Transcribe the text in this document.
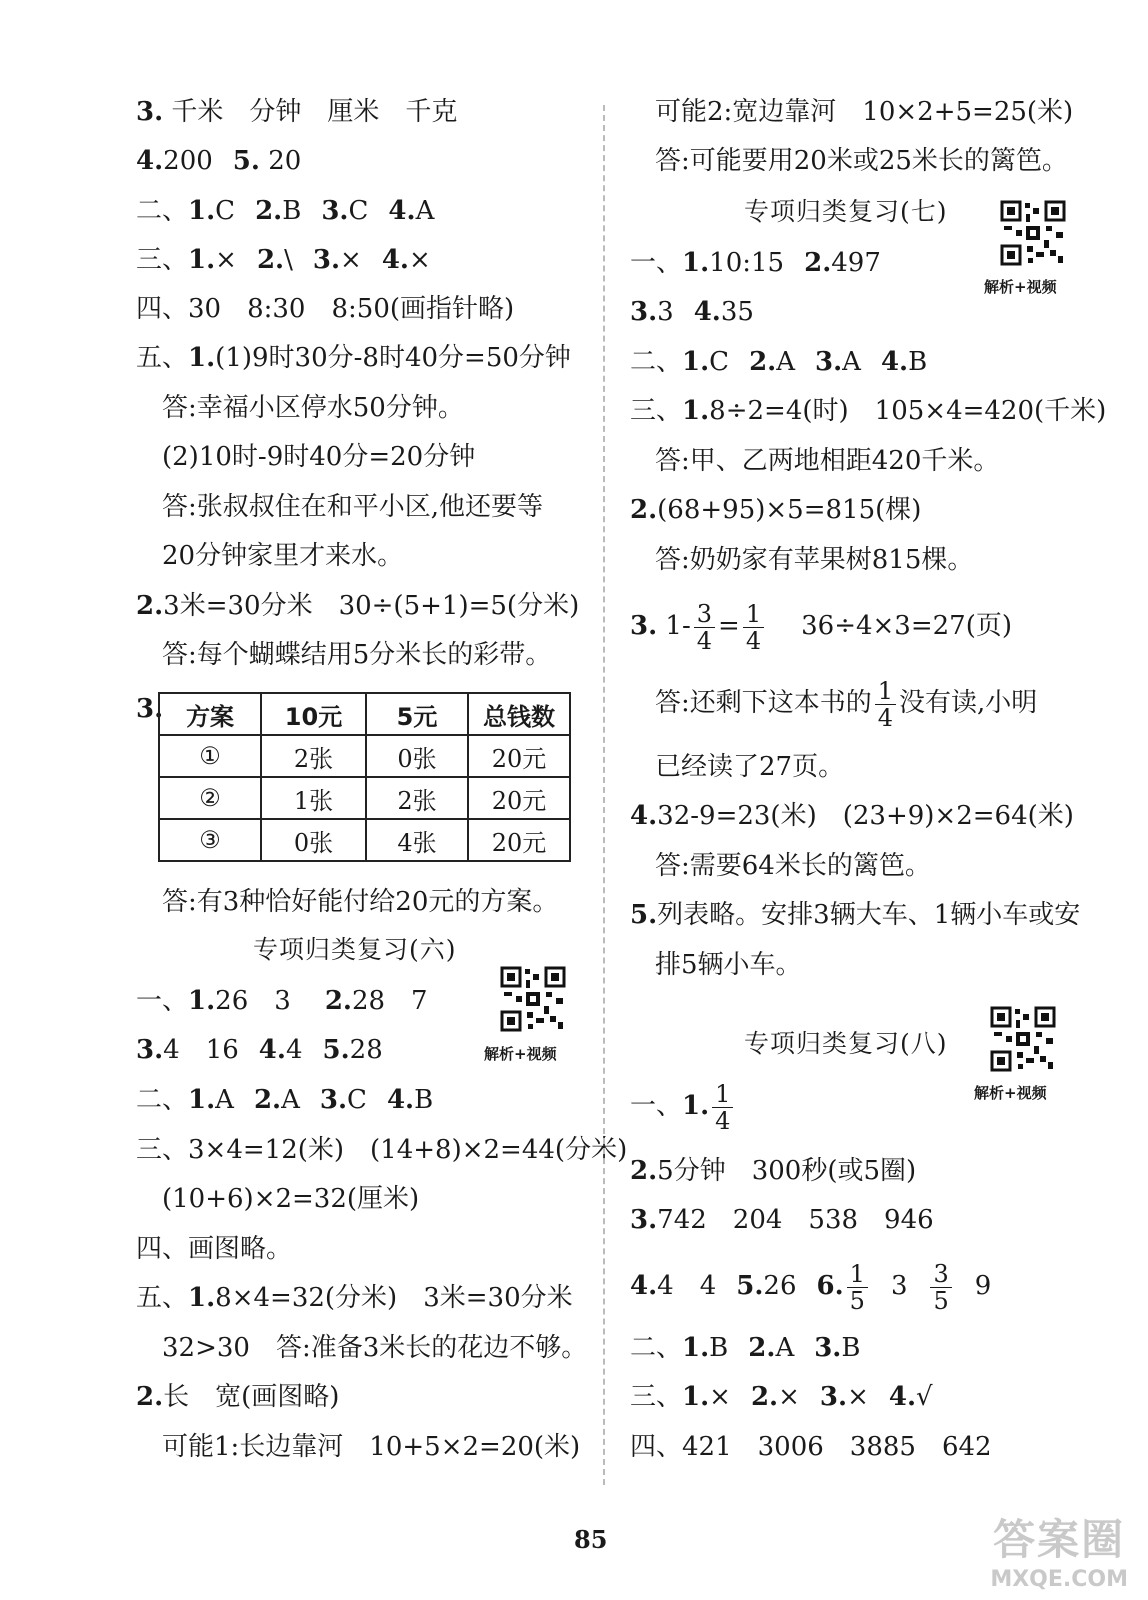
3. 千米　分钟　厘米　千克
4.200 5. 20
二、1.C 2.B 3.C 4.A
三、1.× 2.\ 3.× 4.×
四、30　8:30　8:50(画指针略)
五、1.(1)9时30分-8时40分=50分钟
答:幸福小区停水50分钟。
(2)10时-9时40分=20分钟
答:张叔叔住在和平小区,他还要等
20分钟家里才来水。
2.3米=30分米　30÷(5+1)=5(分米)
答:每个蝴蝶结用5分米长的彩带。
3. 方案	10元	5元	总钱数
①	2张	0张	20元
②	1张	2张	20元
③	0张	4张	20元
答:有3种恰好能付给20元的方案。
专项归类复习(六)
解析+视频
一、1.26　3 2.28　7
3.4　16 4.4 5.28
二、1.A 2.A 3.C 4.B
三、3×4=12(米)　(14+8)×2=44(分米)
(10+6)×2=32(厘米)
四、画图略。
五、1.8×4=32(分米)　3米=30分米
32>30　答:准备3米长的花边不够。
2.长　宽(画图略)
可能1:长边靠河　10+5×2=20(米)
可能2:宽边靠河　10×2+5=25(米)
答:可能要用20米或25米长的篱笆。
专项归类复习(七)
解析+视频
一、1.10:15 2.497
3.3 4.35
二、1.C 2.A 3.A 4.B
三、1.8÷2=4(时)　105×4=420(千米)
答:甲、乙两地相距420千米。
2.(68+95)×5=815(棵)
答:奶奶家有苹果树815棵。
3. $1- \frac{3}{4} = \frac{1}{4} 36\div 4\times 3=27$(页)
答:还剩下这本书的 $\frac{1}{4}$ 没有读,小明
已经读了27页。
4.32-9=23(米)　(23+9)×2=64(米)
答:需要64米长的篱笆。
5.列表略。安排3辆大车、1辆小车或安
排5辆小车。
专项归类复习(八)
解析+视频
一、1. $\frac{1}{4}$
2.5分钟　300秒(或5圈)
3.742　204　538　946
4.4　4 5.26 6. $\frac{1}{5} 3 \frac{3}{5} 9$
二、1.B 2.A 3.B
三、1.× 2.× 3.× 4.√
四、421　3006　3885　642
85	答案圈
MXQE.COM
